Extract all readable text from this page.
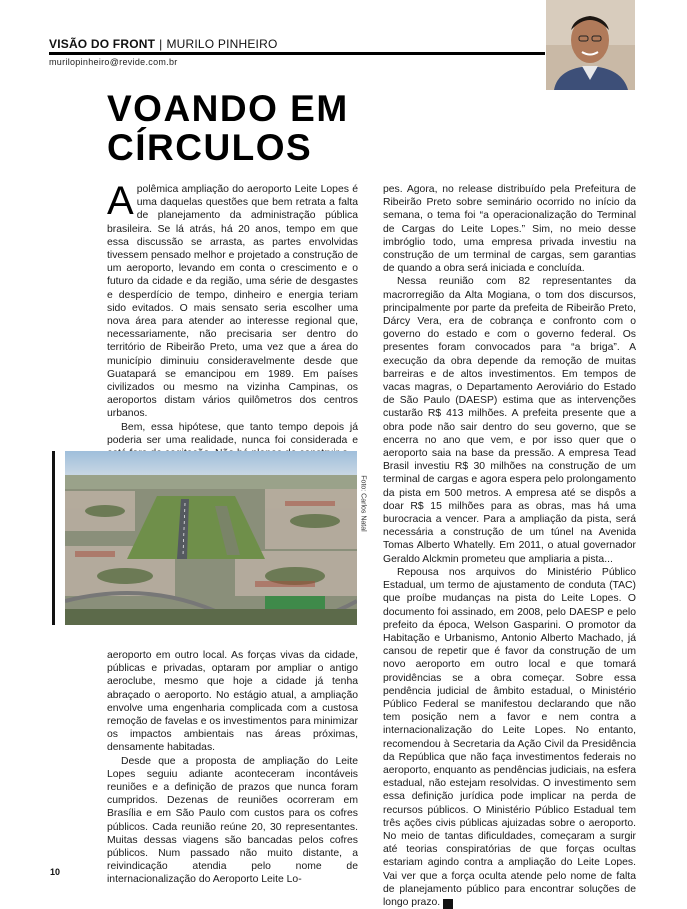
VISÃO DO FRONT | MURILO PINHEIRO
murilopinheiro@revide.com.br
VOANDO EM
CÍRCULOS

A polêmica ampliação do aeroporto Leite Lopes é uma daquelas questões que bem retrata a falta de planejamento da administração pública brasileira. Se lá atrás, há 20 anos, tempo em que essa discussão se arrasta, as partes envolvidas tivessem pensado melhor e projetado a construção de um aeroporto, levando em conta o crescimento e o futuro da cidade e da região, uma série de desgastes e desperdício de tempo, dinheiro e energia teriam sido evitados. O mais sensato seria escolher uma nova área para atender ao interesse regional que, necessariamente, não precisaria ser dentro do território de Ribeirão Preto, uma vez que a área do município diminuiu consideravelmente desde que Guatapará se emancipou em 1989. Em países civilizados ou mesmo na vizinha Campinas, os aeroportos distam vários quilômetros dos centros urbanos.

Bem, essa hipótese, que tanto tempo depois já poderia ser uma realidade, nunca foi considerada e

Foto: Carlos Natal

aeroporto em outro local. As forças vivas da cidade, públicas e privadas, optaram por ampliar o antigo aeroclube, mesmo que hoje a cidade já tenha abraçado o aeroporto. No estágio atual, a ampliação envolve uma engenharia complicada com a custosa remoção de favelas e os investimentos para minimizar os impactos ambientais nas áreas próximas, densamente habitadas.

Desde que a proposta de ampliação do Leite Lopes seguiu adiante aconteceram incontáveis reuniões e a definição de prazos que nunca foram cumpridos. Dezenas de reuniões ocorreram em Brasília e em São Paulo com custos para os cofres públicos. Cada reunião reúne 20, 30 representantes. Muitas dessas viagens são bancadas pelos cofres públicos. Num passado não muito distante, a reivindicação atendia pelo nome de internacionalização do Aeroporto Leite Lo-

pes. Agora, no release distribuído pela Prefeitura de Ribeirão Preto sobre seminário ocorrido no início da semana, o tema foi “a operacionalização do Terminal de Cargas do Leite Lopes.” Sim, no meio desse imbróglio todo, uma empresa privada investiu na construção de um terminal de cargas, sem garantias de quando a obra será iniciada e concluída.

Nessa reunião com 82 representantes da macrorregião da Alta Mogiana, o tom dos discursos, principalmente por parte da prefeita de Ribeirão Preto, Dárcy Vera, era de cobrança e confronto com o governo do estado e com o governo federal. Os presentes foram convocados para “a briga”. A execução da obra depende da remoção de muitas barreiras e de altos investimentos. Em tempos de vacas magras, o Departamento Aeroviário do Estado de São Paulo (DAESP) estima que as intervenções custarão R$ 413 milhões. A prefeita presente que a obra pode não sair dentro do seu governo, que se encerra no ano que vem, e por isso quer que o aeroporto saia na base da pressão. A empresa Tead Brasil investiu R$ 30 milhões na construção de um terminal de cargas e agora espera pelo prolongamento da pista em 500 metros. A empresa até se dispôs a doar R$ 15 milhões para as obras, mas há uma burocracia a vencer. Para a ampliação da pista, será necessária a construção de um túnel na Avenida Tomas Alberto Whatelly. Em 2011, o atual governador Geraldo Alckmin prometeu que ampliaria a pista...

Repousa nos arquivos do Ministério Público Estadual, um termo de ajustamento de conduta (TAC) que proíbe mudanças na pista do Leite Lopes. O documento foi assinado, em 2008, pelo DAESP e pelo prefeito da época, Welson Gasparini. O promotor da Habitação e Urbanismo, Antonio Alberto Machado, já cansou de repetir que é favor da construção de um novo aeroporto em outro local e que tomará providências se a obra começar. Sobre essa pendência judicial de âmbito estadual, o Ministério Público Federal se manifestou declarando que não tem posição nem a favor e nem contra a internacionalização do Leite Lopes. No entanto, recomendou à Secretaria da Ação Civil da Presidência da República que não faça investimentos federais no aeroporto, enquanto as pendências judiciais, na esfera estadual, não estejam resolvidas. O investimento sem essa definição jurídica pode implicar na perda de recursos públicos. O Ministério Público Estadual tem três ações civis públicas ajuizadas sobre o aeroporto. No meio de tantas dificuldades, começaram a surgir até teorias conspiratórias de que forças ocultas estariam agindo contra a ampliação do Leite Lopes. Vai ver que a força oculta atende pelo nome de falta de planejamento público para encontrar soluções de longo prazo. r

10
